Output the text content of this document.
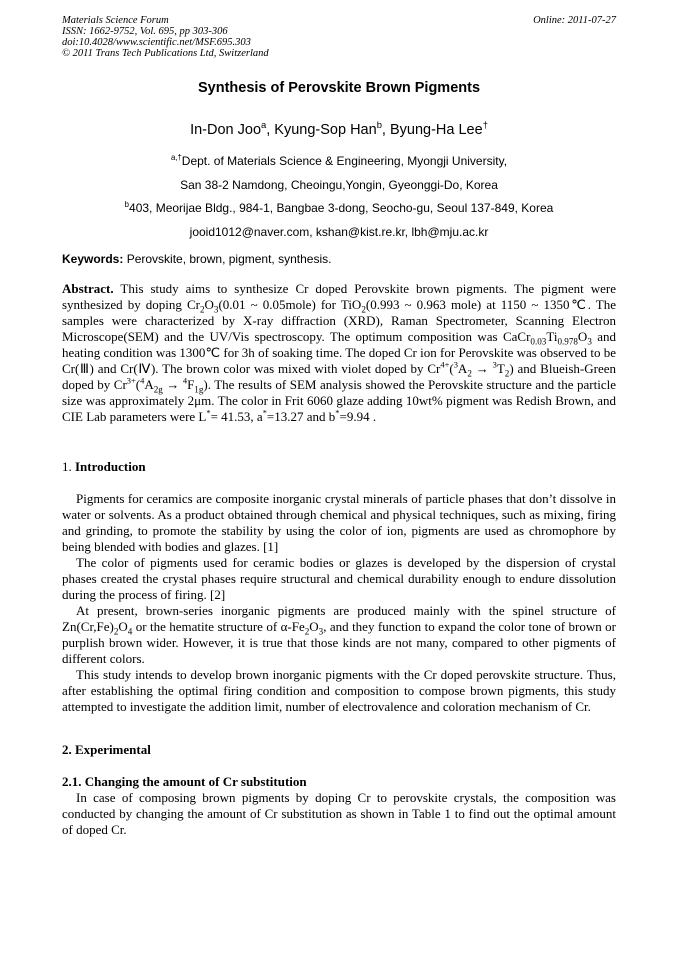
Materials Science Forum
ISSN: 1662-9752, Vol. 695, pp 303-306
doi:10.4028/www.scientific.net/MSF.695.303
© 2011 Trans Tech Publications Ltd, Switzerland
Online: 2011-07-27
Synthesis of Perovskite Brown Pigments
In-Don Joo$^a$, Kyung-Sop Han$^b$, Byung-Ha Lee†
$^{a,\dagger}$Dept. of Materials Science & Engineering, Myongji University,
San 38-2 Namdong, Cheoingu,Yongin, Gyeonggi-Do, Korea
$^b$403, Meorijae Bldg., 984-1, Bangbae 3-dong, Seocho-gu, Seoul 137-849, Korea
jooid1012@naver.com, kshan@kist.re.kr, lbh@mju.ac.kr
Keywords: Perovskite, brown, pigment, synthesis.

Abstract. This study aims to synthesize Cr doped Perovskite brown pigments. The pigment were synthesized by doping $Cr_2O_3(0.01$ ~ 0.05mole) for TiO$_2$(0.993 ~ 0.963 mole) at 1150 ~ 1350℃. The samples were characterized by X-ray diffraction (XRD), Raman Spectrometer, Scanning Electron Microscope(SEM) and the UV/Vis spectroscopy. The optimum composition was $CaCr_{0.03}Ti_{0.978}O_3$ and heating condition was 1300℃ for 3h of soaking time. The doped Cr ion for Perovskite was observed to be Cr(Ⅲ) and Cr(Ⅳ). The brown color was mixed with violet doped by $Cr^{4+}(^3A_2 \to ^3T_2)$ and Blueish-Green doped by $Cr^{3+}(^4A_{2g} \to ^4F_{1g})$. The results of SEM analysis showed the Perovskite structure and the particle size was approximately 2μm. The color in Frit 6060 glaze adding 10wt% pigment was Redish Brown, and CIE Lab parameters were L*= 41.53, a*=13.27 and b*=9.94 .

1. Introduction

Pigments for ceramics are composite inorganic crystal minerals of particle phases that don’t dissolve in water or solvents. As a product obtained through chemical and physical techniques, such as mixing, firing and grinding, to promote the stability by using the color of ion, pigments are used as chromophore by being blended with bodies and glazes. [1]

The color of pigments used for ceramic bodies or glazes is developed by the dispersion of crystal phases created the crystal phases require structural and chemical durability enough to endure dissolution during the process of firing. [2]

At present, brown-series inorganic pigments are produced mainly with the spinel structure of $Zn(Cr,Fe)_2O_4$ or the hematite structure of $\alpha-Fe_2O_3$, and they function to expand the color tone of brown or purplish brown wider. However, it is true that those kinds are not many, compared to other pigments of different colors.

This study intends to develop brown inorganic pigments with the Cr doped perovskite structure. Thus, after establishing the optimal firing condition and composition to compose brown pigments, this study attempted to investigate the addition limit, number of electrovalence and coloration mechanism of Cr.

2. Experimental
2.1. Changing the amount of Cr substitution

In case of composing brown pigments by doping Cr to perovskite crystals, the composition was conducted by changing the amount of Cr substitution as shown in Table 1 to find out the optimal amount of doped Cr.
